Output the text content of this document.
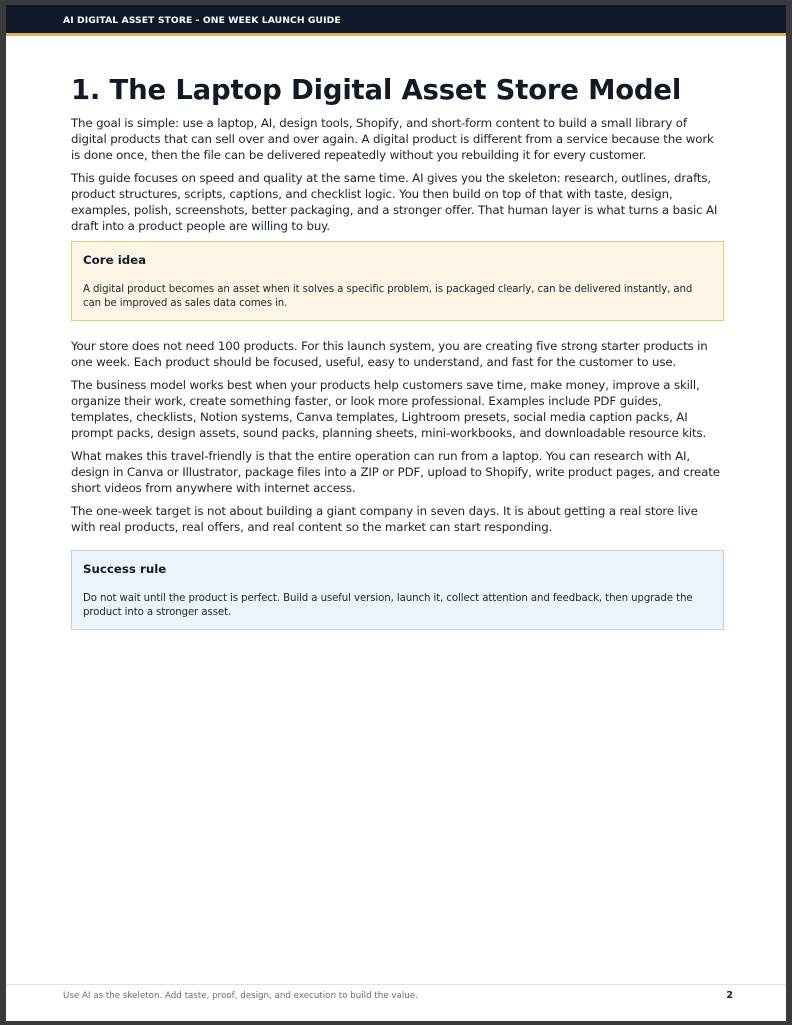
AI DIGITAL ASSET STORE - ONE WEEK LAUNCH GUIDE
1. The Laptop Digital Asset Store Model

The goal is simple: use a laptop, AI, design tools, Shopify, and short-form content to build a small library of digital products that can sell over and over again. A digital product is different from a service because the work is done once, then the file can be delivered repeatedly without you rebuilding it for every customer.

This guide focuses on speed and quality at the same time. AI gives you the skeleton: research, outlines, drafts, product structures, scripts, captions, and checklist logic. You then build on top of that with taste, design, examples, polish, screenshots, better packaging, and a stronger offer. That human layer is what turns a basic AI draft into a product people are willing to buy.

Core idea
A digital product becomes an asset when it solves a specific problem, is packaged clearly, can be delivered instantly, and can be improved as sales data comes in.

Your store does not need 100 products. For this launch system, you are creating five strong starter products in one week. Each product should be focused, useful, easy to understand, and fast for the customer to use.

The business model works best when your products help customers save time, make money, improve a skill, organize their work, create something faster, or look more professional. Examples include PDF guides, templates, checklists, Notion systems, Canva templates, Lightroom presets, social media caption packs, AI prompt packs, design assets, sound packs, planning sheets, mini-workbooks, and downloadable resource kits.

What makes this travel-friendly is that the entire operation can run from a laptop. You can research with AI, design in Canva or Illustrator, package files into a ZIP or PDF, upload to Shopify, write product pages, and create short videos from anywhere with internet access.

The one-week target is not about building a giant company in seven days. It is about getting a real store live with real products, real offers, and real content so the market can start responding.

Success rule
Do not wait until the product is perfect. Build a useful version, launch it, collect attention and feedback, then upgrade the product into a stronger asset.
Use AI as the skeleton. Add taste, proof, design, and execution to build the value.	2
